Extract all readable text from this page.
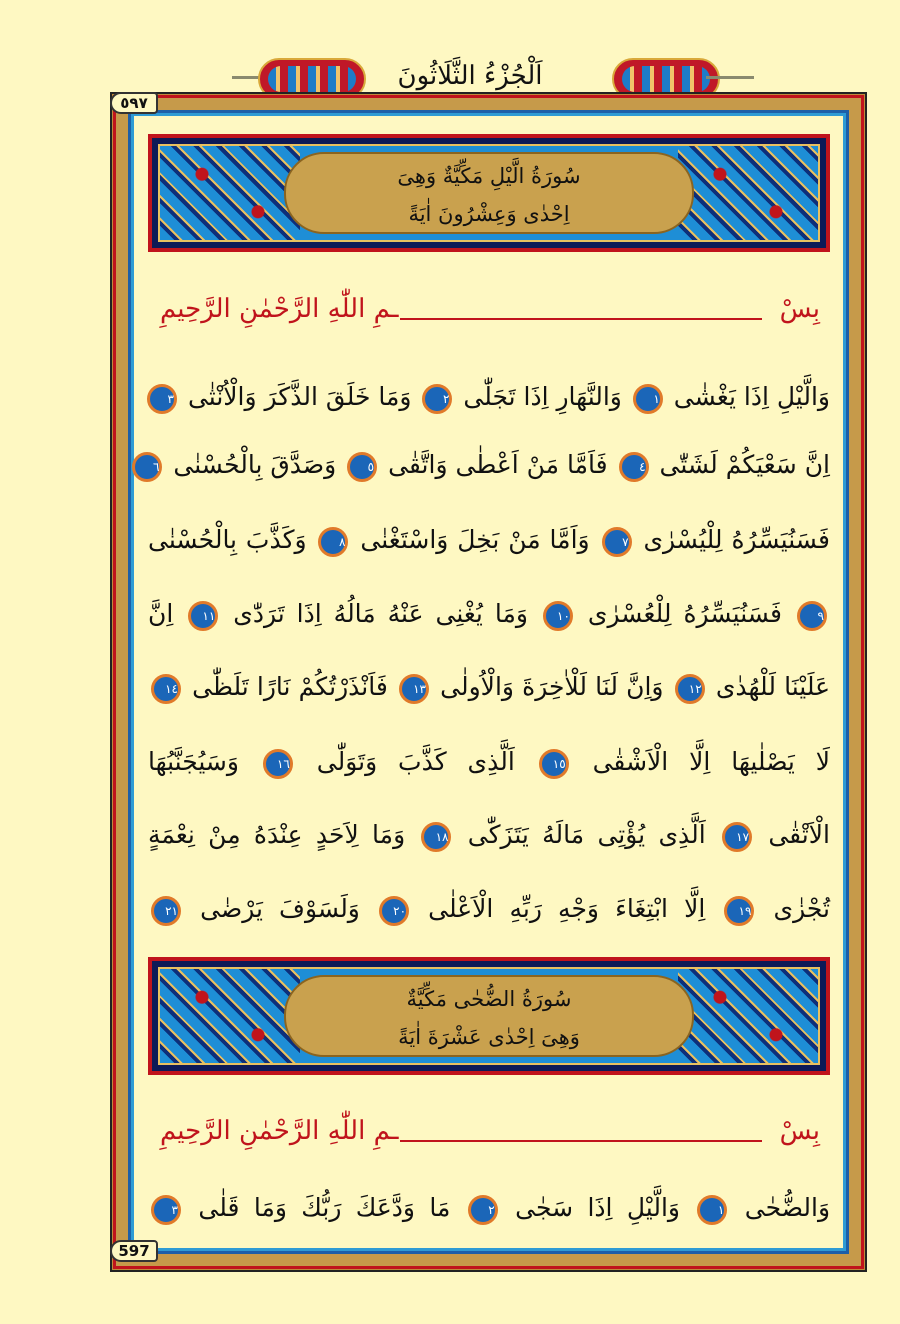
اَلْجُزْءُ الثَّلَاثُونَ
٥٩٧
سُورَةُ الَّيْلِ مَكِّيَّةٌ وَهِىَ
اِحْدٰى وَعِشْرُونَ اٰيَةً
ـمِ اللّٰهِ الرَّحْمٰنِ الرَّحِيمِ	بِسْ
وَالَّيْلِ اِذَا يَغْشٰى ١ وَالنَّهَارِ اِذَا تَجَلّٰى ٢ وَمَا خَلَقَ الذَّكَرَ وَالْاُنْثٰى ٣
اِنَّ سَعْيَكُمْ لَشَتّٰى ٤ فَاَمَّا مَنْ اَعْطٰى وَاتَّقٰى ٥ وَصَدَّقَ بِالْحُسْنٰى ٦
فَسَنُيَسِّرُهُ لِلْيُسْرٰى ٧ وَاَمَّا مَنْ بَخِلَ وَاسْتَغْنٰى ٨ وَكَذَّبَ بِالْحُسْنٰى
٩ فَسَنُيَسِّرُهُ لِلْعُسْرٰى ١٠ وَمَا يُغْنِى عَنْهُ مَالُهُ اِذَا تَرَدّٰى ١١ اِنَّ
عَلَيْنَا لَلْهُدٰى ١٢ وَاِنَّ لَنَا لَلْاٰخِرَةَ وَالْاُولٰى ١٣ فَاَنْذَرْتُكُمْ نَارًا تَلَظّٰى ١٤
لَا يَصْلٰيهَا اِلَّا الْاَشْقٰى ١٥ اَلَّذِى كَذَّبَ وَتَوَلّٰى ١٦ وَسَيُجَنَّبُهَا
الْاَتْقٰى ١٧ اَلَّذِى يُؤْتِى مَالَهُ يَتَزَكّٰى ١٨ وَمَا لِاَحَدٍ عِنْدَهُ مِنْ نِعْمَةٍ
تُجْزٰى ١٩ اِلَّا ابْتِغَاءَ وَجْهِ رَبِّهِ الْاَعْلٰى ٢٠ وَلَسَوْفَ يَرْضٰى ٢١
سُورَةُ الضُّحٰى مَكِّيَّةٌ
وَهِىَ اِحْدٰى عَشْرَةَ اٰيَةً
ـمِ اللّٰهِ الرَّحْمٰنِ الرَّحِيمِ	بِسْ
وَالضُّحٰى ١ وَالَّيْلِ اِذَا سَجٰى ٢ مَا وَدَّعَكَ رَبُّكَ وَمَا قَلٰى ٣
597
